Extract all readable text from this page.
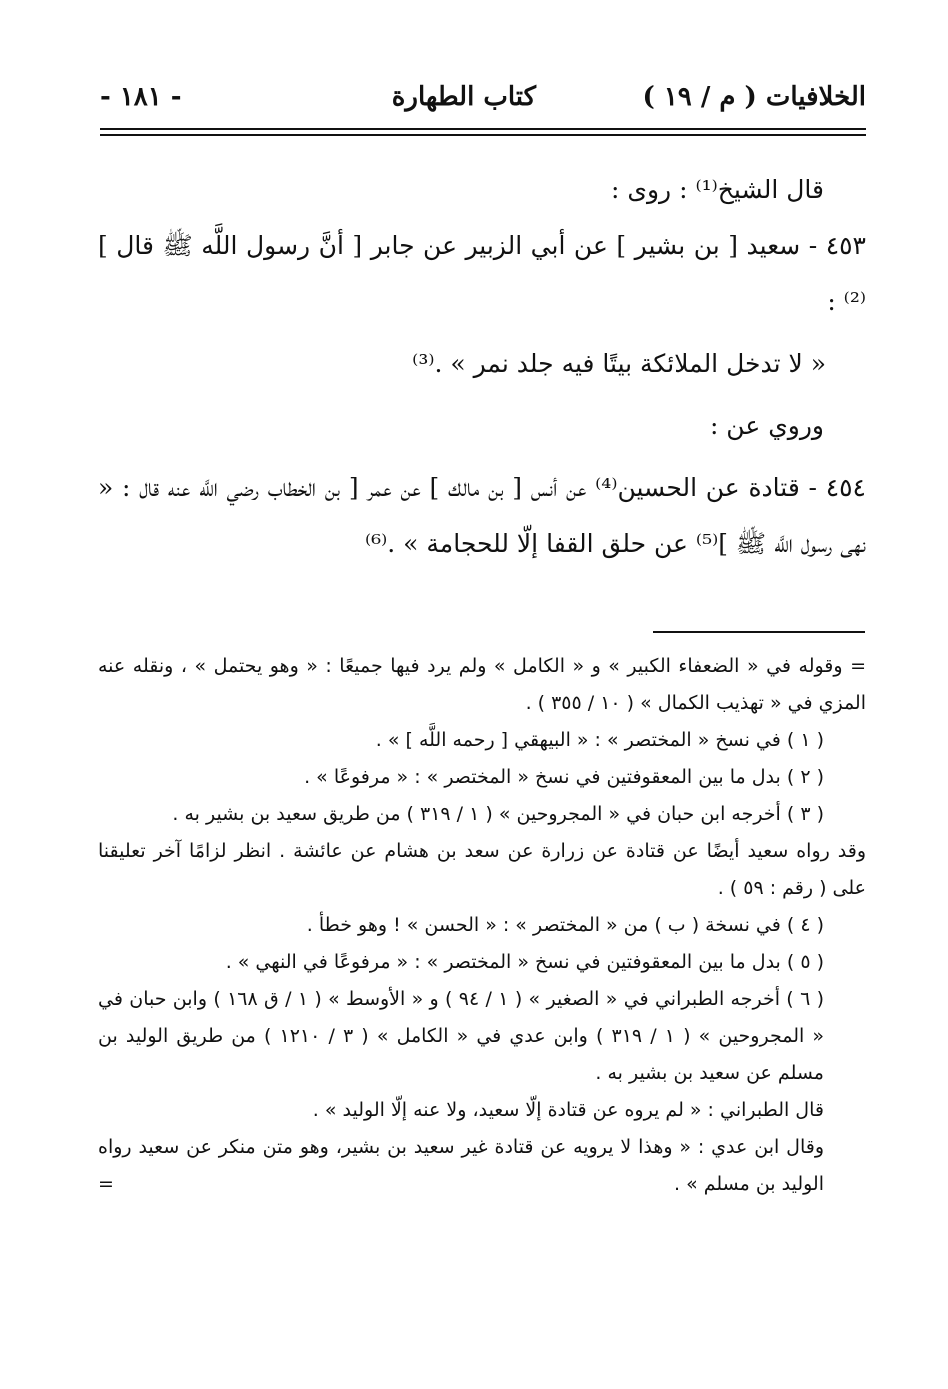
الخلافيات ( م / ١٩ )
كتاب الطهارة
- ١٨١ -

قال الشيخ⁽¹⁾ : روى :

٤٥٣ - سعيد [ بن بشير ] عن أبي الزبير عن جابر [ أنَّ رسول اللَّه ﷺ قال ]⁽²⁾ :

« لا تدخل الملائكة بيتًا فيه جلد نمر » .⁽³⁾

وروي عن :

٤٥٤ - قتادة عن الحسين⁽⁴⁾ عن أنس [ بن مالك ] عن عمر [ بن الخطاب رضي اللَّه عنه قال : « نهى رسول اللَّه ﷺ ]⁽⁵⁾ عن حلق القفا إلّا للحجامة » .⁽⁶⁾

= وقوله في « الضعفاء الكبير » و « الكامل » ولم يرد فيها جميعًا : « وهو يحتمل » ، ونقله عنه المزي في « تهذيب الكمال » ( ١٠ / ٣٥٥ ) .

( ١ ) في نسخ « المختصر » : « البيهقي [ رحمه اللَّه ] » .

( ٢ ) بدل ما بين المعقوفتين في نسخ « المختصر » : « مرفوعًا » .

( ٣ ) أخرجه ابن حبان في « المجروحين » ( ١ / ٣١٩ ) من طريق سعيد بن بشير به .

وقد رواه سعيد أيضًا عن قتادة عن زرارة عن سعد بن هشام عن عائشة . انظر لزامًا آخر تعليقنا على ( رقم : ٥٩ ) .

( ٤ ) في نسخة ( ب ) من « المختصر » : « الحسن » ! وهو خطأ .

( ٥ ) بدل ما بين المعقوفتين في نسخ « المختصر » : « مرفوعًا في النهي » .

( ٦ ) أخرجه الطبراني في « الصغير » ( ١ / ٩٤ ) و « الأوسط » ( ١ / ق ١٦٨ ) وابن حبان في « المجروحين » ( ١ / ٣١٩ ) وابن عدي في « الكامل » ( ٣ / ١٢١٠ ) من طريق الوليد بن مسلم عن سعيد بن بشير به .

قال الطبراني : « لم يروه عن قتادة إلّا سعيد، ولا عنه إلّا الوليد » .

وقال ابن عدي : « وهذا لا يرويه عن قتادة غير سعيد بن بشير، وهو متن منكر عن سعيد رواه الوليد بن مسلم » .
=
